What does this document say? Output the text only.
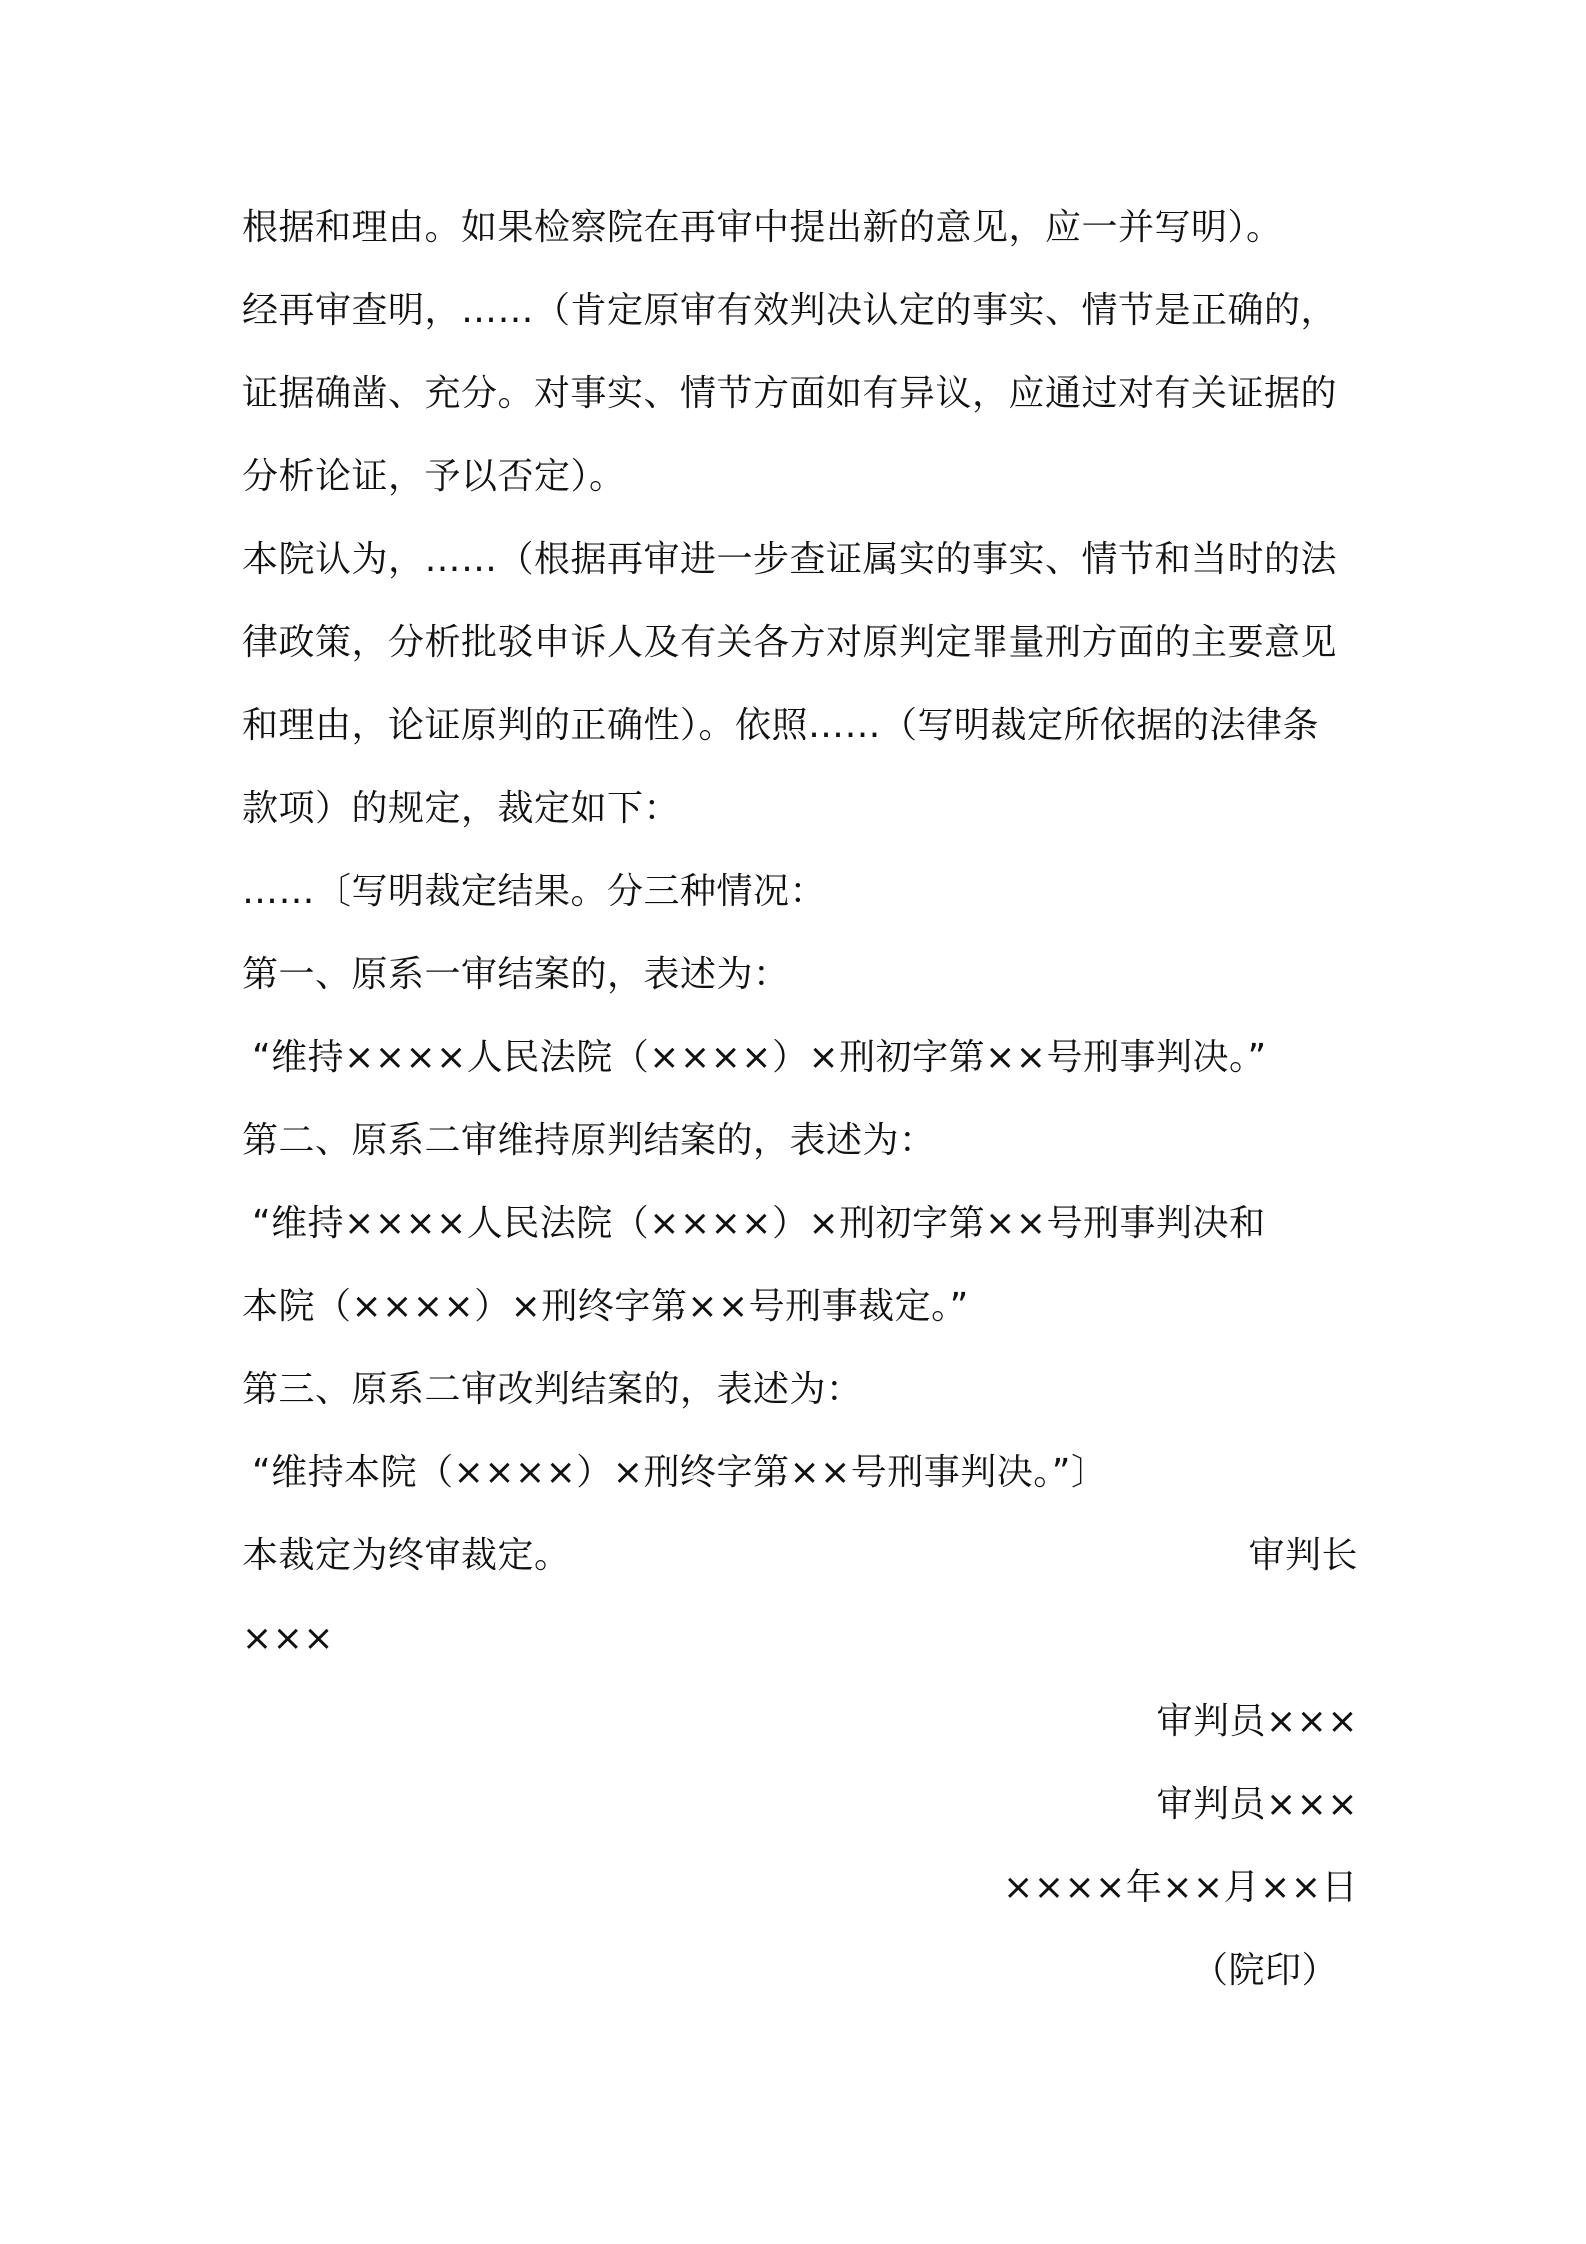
根据和理由。如果检察院在再审中提出新的意见，应一并写明）。
经再审查明，……（肯定原审有效判决认定的事实、情节是正确的，
证据确凿、充分。对事实、情节方面如有异议，应通过对有关证据的
分析论证，予以否定）。
本院认为，……（根据再审进一步查证属实的事实、情节和当时的法
律政策，分析批驳申诉人及有关各方对原判定罪量刑方面的主要意见
和理由，论证原判的正确性）。依照……（写明裁定所依据的法律条
款项）的规定，裁定如下：
……〔写明裁定结果。分三种情况：
第一、原系一审结案的，表述为：
“维持××××人民法院（××××）×刑初字第××号刑事判决。”
第二、原系二审维持原判结案的，表述为：
“维持××××人民法院（××××）×刑初字第××号刑事判决和
本院（××××）×刑终字第××号刑事裁定。”
第三、原系二审改判结案的，表述为：
“维持本院（××××）×刑终字第××号刑事判决。”〕
本裁定为终审裁定。	审判长
×××
审判员×××
审判员×××
××××年××月××日
（院印）
